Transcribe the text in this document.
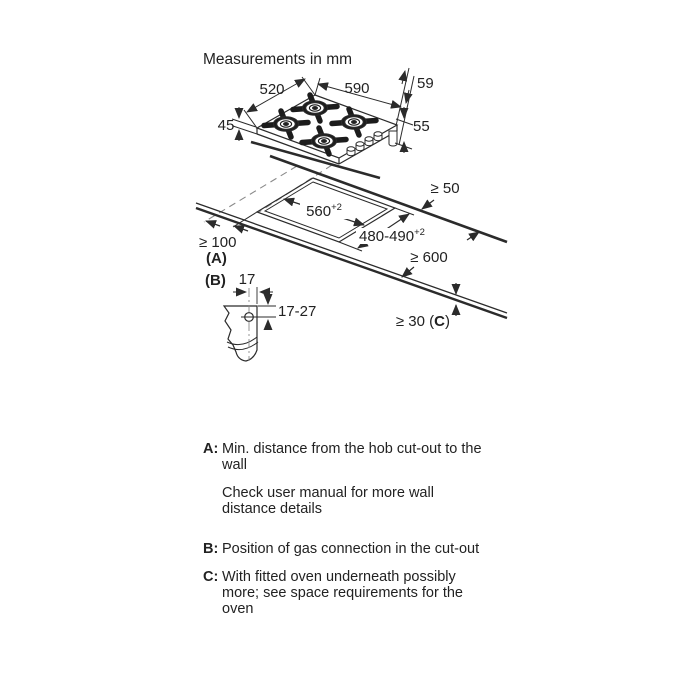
Measurements in mm
520	590	59
55
45
$560^{+2}$
$480-490^{+2}$
≥ 50
≥ 100
(A)	≥ 600
≥ 30 (C)
(B) 17
17-27
A: Min. distance from the hob cut-out to the
wall
Check user manual for more wall
distance details
B: Position of gas connection in the cut-out
C: With fitted oven underneath possibly
more; see space requirements for the
oven
